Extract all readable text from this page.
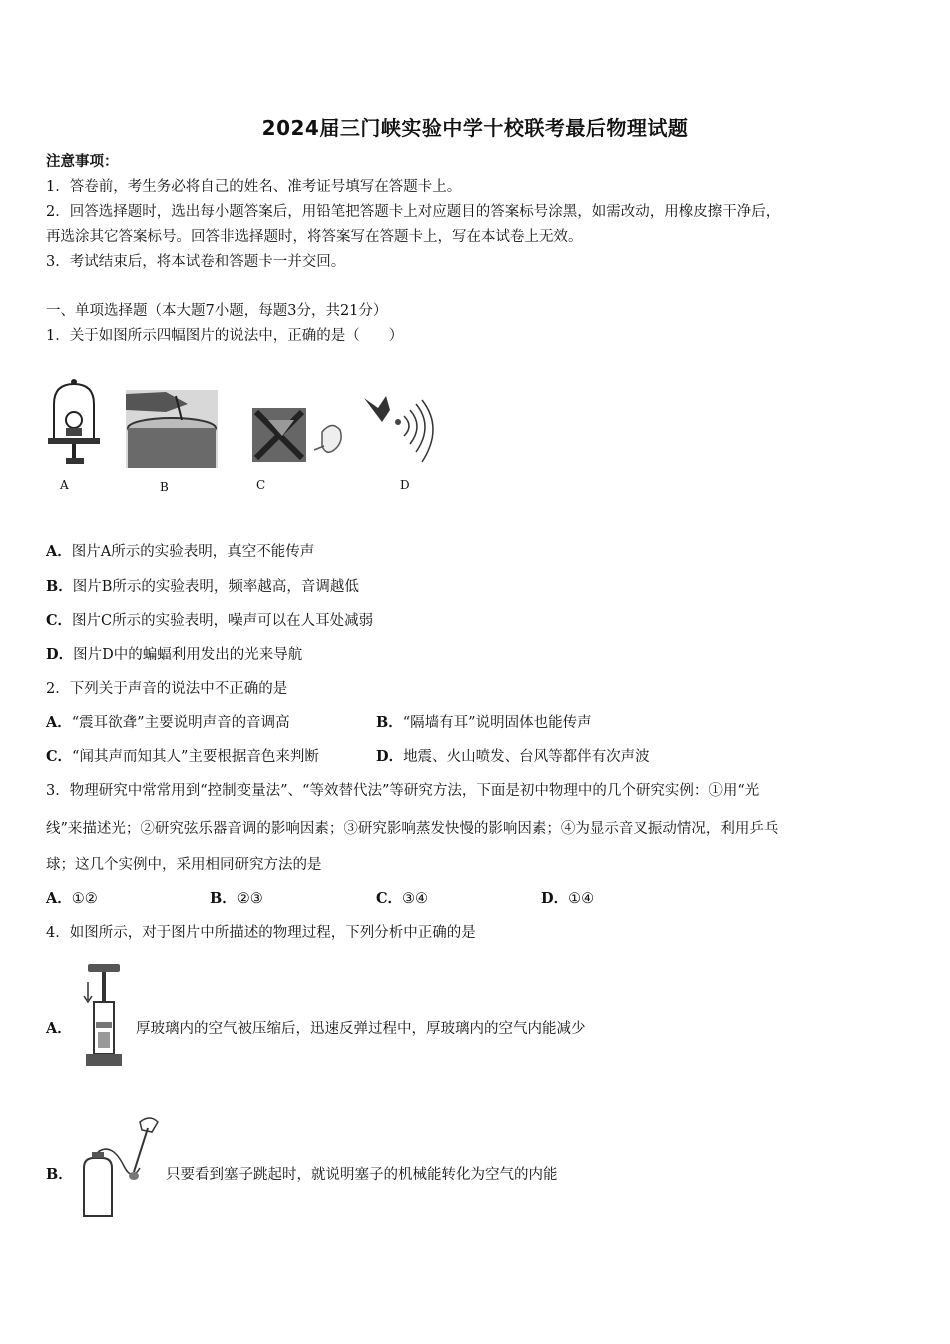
2024届三门峡实验中学十校联考最后物理试题
注意事项：
1．答卷前，考生务必将自己的姓名、准考证号填写在答题卡上。
2．回答选择题时，选出每小题答案后，用铅笔把答题卡上对应题目的答案标号涂黑，如需改动，用橡皮擦干净后，
再选涂其它答案标号。回答非选择题时，将答案写在答题卡上，写在本试卷上无效。
3．考试结束后，将本试卷和答题卡一并交回。
一、单项选择题（本大题7小题，每题3分，共21分）
1．关于如图所示四幅图片的说法中，正确的是（　　）
A	B	C	D
A．图片A所示的实验表明，真空不能传声
B．图片B所示的实验表明，频率越高，音调越低
C．图片C所示的实验表明，噪声可以在人耳处减弱
D．图片D中的蝙蝠利用发出的光来导航
2．下列关于声音的说法中不正确的是
A．“震耳欲聋”主要说明声音的音调高	B．“隔墙有耳”说明固体也能传声
C．“闻其声而知其人”主要根据音色来判断	D．地震、火山喷发、台风等都伴有次声波
3．物理研究中常常用到“控制变量法”、“等效替代法”等研究方法，下面是初中物理中的几个研究实例：①用“光
线”来描述光；②研究弦乐器音调的影响因素；③研究影响蒸发快慢的影响因素；④为显示音叉振动情况，利用乒乓
球；这几个实例中，采用相同研究方法的是
A．①②	B．②③	C．③④	D．①④
4．如图所示，对于图片中所描述的物理过程，下列分析中正确的是
A．	厚玻璃内的空气被压缩后，迅速反弹过程中，厚玻璃内的空气内能减少
B．	只要看到塞子跳起时，就说明塞子的机械能转化为空气的内能
